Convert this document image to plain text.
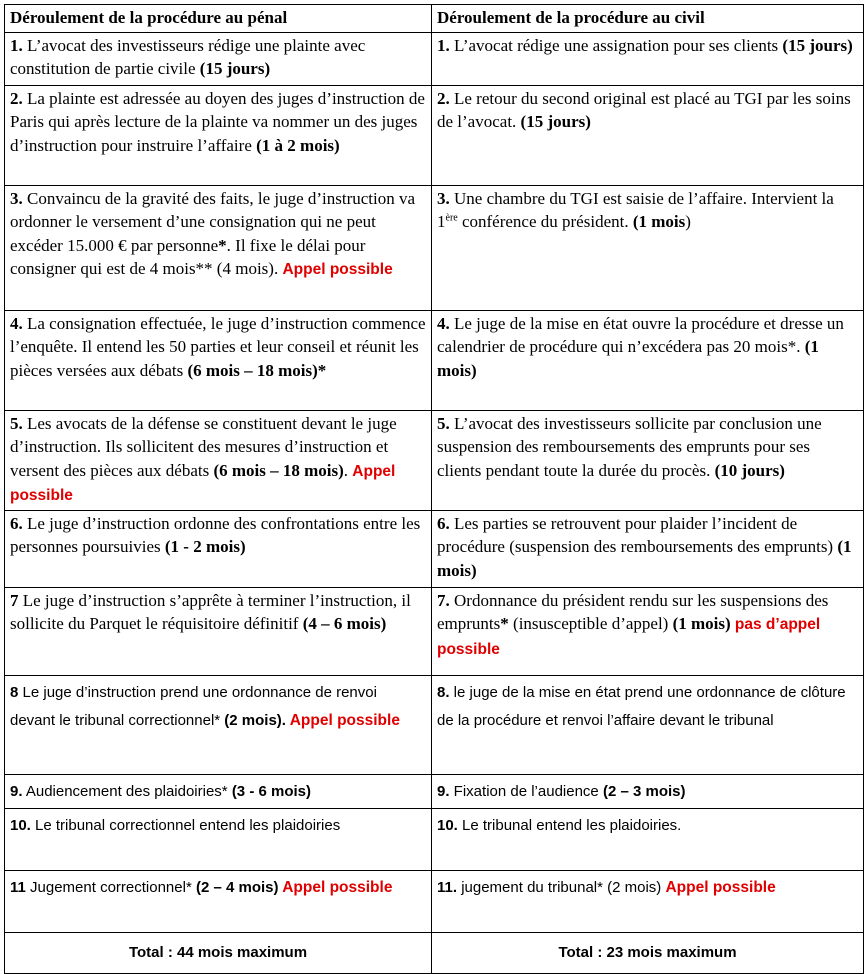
Déroulement de la procédure au pénal	Déroulement de la procédure au civil
1. L’avocat des investisseurs rédige une plainte avec constitution de partie civile (15 jours)	1. L’avocat rédige une assignation pour ses clients (15 jours)
2. La plainte est adressée au doyen des juges d’instruction de Paris qui après lecture de la plainte va nommer un des juges d’instruction pour instruire l’affaire (1 à 2 mois)	2. Le retour du second original est placé au TGI par les soins de l’avocat. (15 jours)
3. Convaincu de la gravité des faits, le juge d’instruction va ordonner le versement d’une consignation qui ne peut excéder 15.000 € par personne*. Il fixe le délai pour consigner qui est de 4 mois** (4 mois). Appel possible	3. Une chambre du TGI est saisie de l’affaire. Intervient la 1ère conférence du président. (1 mois)
4. La consignation effectuée, le juge d’instruction commence l’enquête. Il entend les 50 parties et leur conseil et réunit les pièces versées aux débats (6 mois – 18 mois)*	4. Le juge de la mise en état ouvre la procédure et dresse un calendrier de procédure qui n’excédera pas 20 mois*. (1 mois)
5. Les avocats de la défense se constituent devant le juge d’instruction. Ils sollicitent des mesures d’instruction et versent des pièces aux débats (6 mois – 18 mois). Appel possible	5. L’avocat des investisseurs sollicite par conclusion une suspension des remboursements des emprunts pour ses clients pendant toute la durée du procès. (10 jours)
6. Le juge d’instruction ordonne des confrontations entre les personnes poursuivies (1 - 2 mois)	6. Les parties se retrouvent pour plaider l’incident de procédure (suspension des remboursements des emprunts) (1 mois)
7 Le juge d’instruction s’apprête à terminer l’instruction, il sollicite du Parquet le réquisitoire définitif (4 – 6 mois)	7. Ordonnance du président rendu sur les suspensions des emprunts* (insusceptible d’appel) (1 mois) pas d’appel possible
8 Le juge d’instruction prend une ordonnance de renvoi devant le tribunal correctionnel* (2 mois). Appel possible	8. le juge de la mise en état prend une ordonnance de clôture de la procédure et renvoi l’affaire devant le tribunal
9. Audiencement des plaidoiries* (3 - 6 mois)	9. Fixation de l’audience (2 – 3 mois)
10. Le tribunal correctionnel entend les plaidoiries	10. Le tribunal entend les plaidoiries.
11 Jugement correctionnel* (2 – 4 mois) Appel possible	11. jugement du tribunal* (2 mois) Appel possible
Total : 44 mois maximum	Total : 23 mois maximum
